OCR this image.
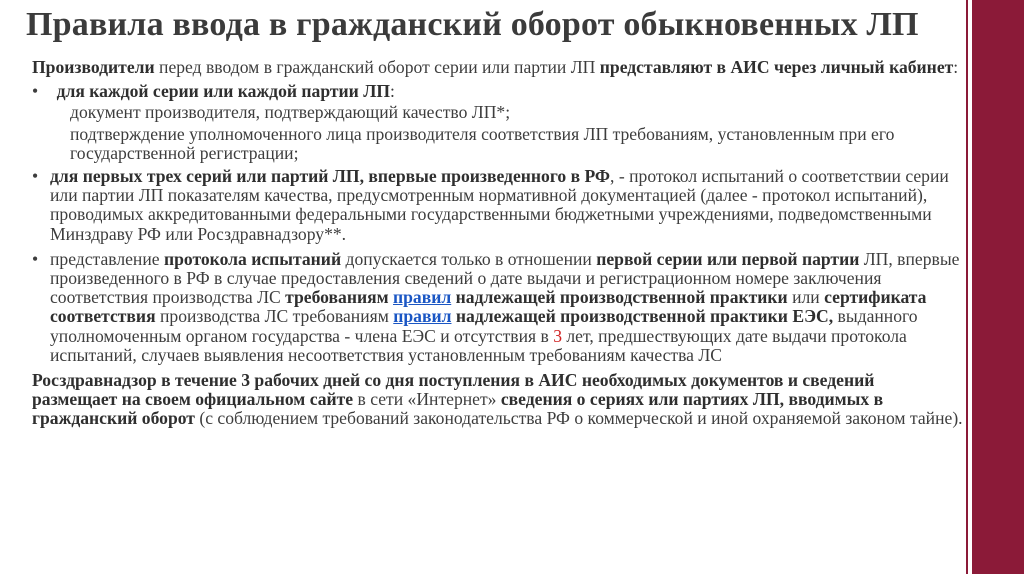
Правила ввода в гражданский оборот обыкновенных ЛП

Производители перед вводом в гражданский оборот серии или партии ЛП представляют в АИС через личный кабинет:

• для каждой серии или каждой партии ЛП:
документ производителя, подтверждающий качество ЛП*;
подтверждение уполномоченного лица производителя соответствия ЛП требованиям, установленным при его государственной регистрации;
• для первых трех серий или партий ЛП, впервые произведенного в РФ, - протокол испытаний о соответствии серии или партии ЛП показателям качества, предусмотренным нормативной документацией (далее - протокол испытаний), проводимых аккредитованными федеральными государственными бюджетными учреждениями, подведомственными Минздраву РФ или Росздравнадзору**.
• представление протокола испытаний допускается только в отношении первой серии или первой партии ЛП, впервые произведенного в РФ в случае предоставления сведений о дате выдачи и регистрационном номере заключения соответствия производства ЛС требованиям правил надлежащей производственной практики или сертификата соответствия производства ЛС требованиям правил надлежащей производственной практики ЕЭС, выданного уполномоченным органом государства - члена ЕЭС и отсутствия в 3 лет, предшествующих дате выдачи протокола испытаний, случаев выявления несоответствия установленным требованиям качества ЛС

Росздравнадзор в течение 3 рабочих дней со дня поступления в АИС необходимых документов и сведений размещает на своем официальном сайте в сети «Интернет» сведения о сериях или партиях ЛП, вводимых в гражданский оборот (с соблюдением требований законодательства РФ о коммерческой и иной охраняемой законом тайне).
